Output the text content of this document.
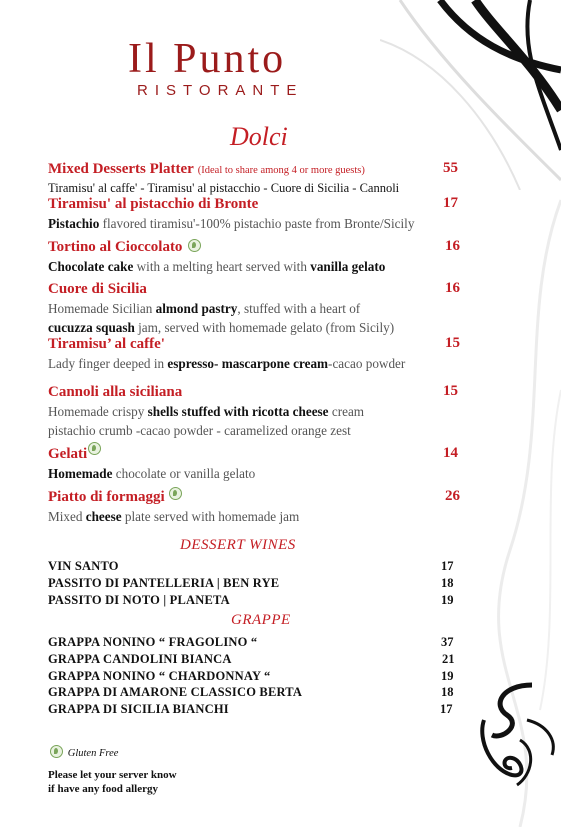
Il Punto
RISTORANTE
Dolci
Mixed Desserts Platter (Ideal to share among 4 or more guests)
Tiramisu' al caffe' - Tiramisu' al pistacchio - Cuore di Sicilia - Cannoli
55
Tiramisu' al pistacchio di Bronte
Pistachio flavored tiramisu'-100% pistachio paste from Bronte/Sicily
17
Tortino al Cioccolato
Chocolate cake with a melting heart served with vanilla gelato
16
Cuore di Sicilia
Homemade Sicilian almond pastry, stuffed with a heart of
cucuzza squash jam, served with homemade gelato (from Sicily)
16
Tiramisu’ al caffe'
Lady finger deeped in espresso- mascarpone cream-cacao powder
15
Cannoli alla siciliana
Homemade crispy shells stuffed with ricotta cheese cream
pistachio crumb -cacao powder - caramelized orange zest
15
Gelati
Homemade chocolate or vanilla gelato
14
Piatto di formaggi
Mixed cheese plate served with homemade jam
26
DESSERT WINES
VIN SANTO	17
PASSITO DI PANTELLERIA | BEN RYE	18
PASSITO DI NOTO | PLANETA	19
GRAPPE
GRAPPA NONINO “ FRAGOLINO “	37
GRAPPA CANDOLINI BIANCA	21
GRAPPA NONINO “ CHARDONNAY “	19
GRAPPA DI AMARONE CLASSICO BERTA	18
GRAPPA DI SICILIA BIANCHI	17
Gluten Free
Please let your server know
if have any food allergy
